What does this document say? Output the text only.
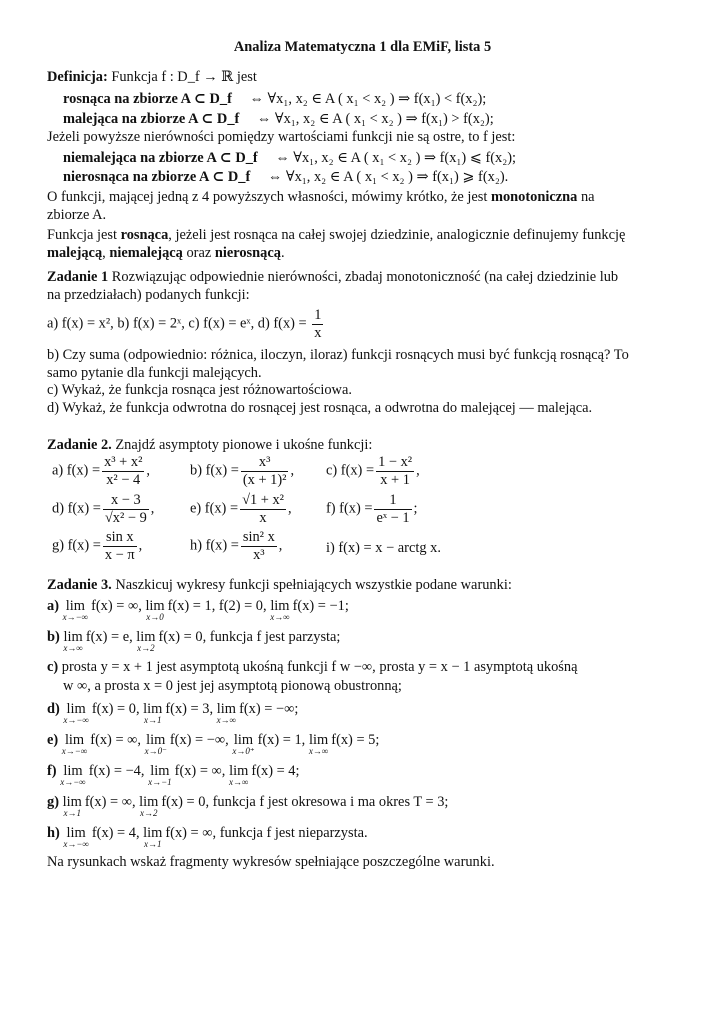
Analiza Matematyczna 1 dla EMiF, lista 5
Definicja: Funkcja f : D_f → ℝ jest
rosnąca na zbiorze A ⊂ D_f ⇔ ∀x₁, x₂ ∈ A ( x₁ < x₂ ) ⇒ f(x₁) < f(x₂);
malejąca na zbiorze A ⊂ D_f ⇔ ∀x₁, x₂ ∈ A ( x₁ < x₂ ) ⇒ f(x₁) > f(x₂);
Jeżeli powyższe nierówności pomiędzy wartościami funkcji nie są ostre, to f jest:
niemalejąca na zbiorze A ⊂ D_f ⇔ ∀x₁, x₂ ∈ A ( x₁ < x₂ ) ⇒ f(x₁) ⩽ f(x₂);
nierosnąca na zbiorze A ⊂ D_f ⇔ ∀x₁, x₂ ∈ A ( x₁ < x₂ ) ⇒ f(x₁) ⩾ f(x₂).
O funkcji, mającej jedną z 4 powyższych własności, mówimy krótko, że jest monotoniczna na
zbiorze A.
Funkcja jest rosnąca, jeżeli jest rosnąca na całej swojej dziedzinie, analogicznie definujemy funkcję
malejącą, niemalejącą oraz nierosnącą.
Zadanie 1 Rozwiązując odpowiednie nierówności, zbadaj monotoniczność (na całej dziedzinie lub
na przedziałach) podanych funkcji:
a) f(x) = x², b) f(x) = 2ˣ, c) f(x) = eˣ, d) $f(x) = \frac{1}{x}$
b) Czy suma (odpowiednio: różnica, iloczyn, iloraz) funkcji rosnących musi być funkcją rosnącą? To
samo pytanie dla funkcji malejących.
c) Wykaż, że funkcja rosnąca jest różnowartościowa.
d) Wykaż, że funkcja odwrotna do rosnącej jest rosnąca, a odwrotna do malejącej — malejąca.
Zadanie 2. Znajdź asymptoty pionowe i ukośne funkcji:
a) $f(x) = \frac{\text{x³ + x²}}{\text{x² − 4}}$ ,	b) $f(x) = \frac{\text{x³}}{\text{(x + 1)²}}$ , c) $f(x) = \frac{\text{1 − x²}}{x + 1}$ ,
d) $f(x) = \frac{x - 3}{\text{√x² − 9}}$ , e) $f(x) = \frac{\text{√1 + x²}}{x}$ , f) $f(x) = \frac{1}{\text{eˣ − 1}}$ ;
g) $f(x) = \frac{\text{sin x}}{x - \pi}$ ,	h) $f(x) = \frac{\text{sin² x}}{\text{x³}}$ ,	i) f(x) = x − arctg x.
Zadanie 3. Naszkicuj wykresy funkcji spełniających wszystkie podane warunki:
a) lim
x→−∞
f(x) = ∞, lim
x→0
f(x) = 1, f(2) = 0, lim
x→∞
f(x) = −1;
b) lim
x→∞
f(x) = e, lim
x→2
f(x) = 0, funkcja f jest parzysta;
c) prosta y = x + 1 jest asymptotą ukośną funkcji f w −∞, prosta y = x − 1 asymptotą ukośną
w ∞, a prosta x = 0 jest jej asymptotą pionową obustronną;
d) lim
x→−∞
f(x) = 0, lim
x→1
f(x) = 3, lim
x→∞
f(x) = −∞;
e) lim
x→−∞
f(x) = ∞, lim
x→0⁻
f(x) = −∞, lim
x→0⁺
f(x) = 1, lim
x→∞
f(x) = 5;
f) lim
x→−∞
f(x) = −4, lim
x→−1
f(x) = ∞, lim
x→∞
f(x) = 4;
g) lim
x→1
f(x) = ∞, lim
x→2
f(x) = 0, funkcja f jest okresowa i ma okres T = 3;
h) lim
x→−∞
f(x) = 4, lim
x→1
f(x) = ∞, funkcja f jest nieparzysta.
Na rysunkach wskaż fragmenty wykresów spełniające poszczególne warunki.
